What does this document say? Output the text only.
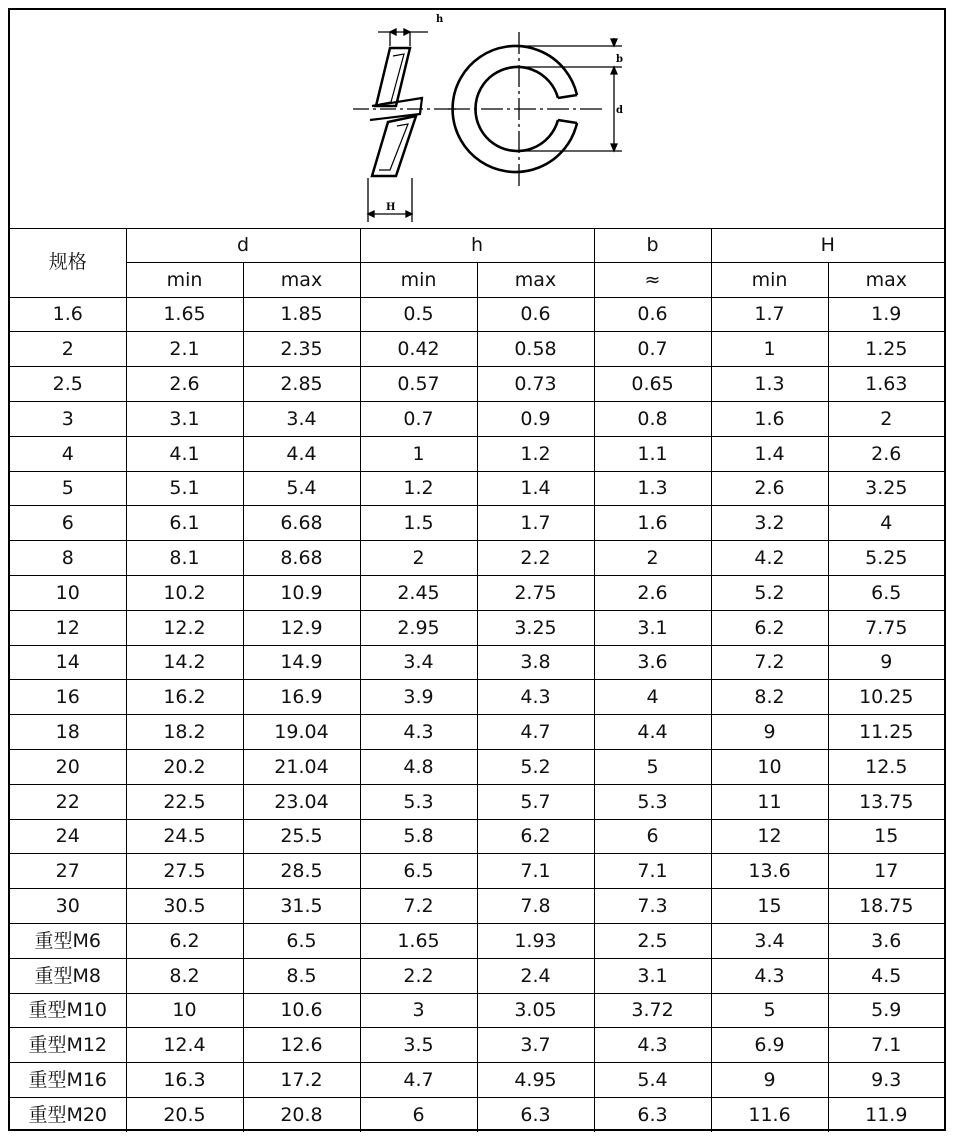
h
b
d
H
规格	d		h		b	H	
	min	max	min	max	≈	min	max
1.6	1.65	1.85	0.5	0.6	0.6	1.7	1.9
2	2.1	2.35	0.42	0.58	0.7	1	1.25
2.5	2.6	2.85	0.57	0.73	0.65	1.3	1.63
3	3.1	3.4	0.7	0.9	0.8	1.6	2
4	4.1	4.4	1	1.2	1.1	1.4	2.6
5	5.1	5.4	1.2	1.4	1.3	2.6	3.25
6	6.1	6.68	1.5	1.7	1.6	3.2	4
8	8.1	8.68	2	2.2	2	4.2	5.25
10	10.2	10.9	2.45	2.75	2.6	5.2	6.5
12	12.2	12.9	2.95	3.25	3.1	6.2	7.75
14	14.2	14.9	3.4	3.8	3.6	7.2	9
16	16.2	16.9	3.9	4.3	4	8.2	10.25
18	18.2	19.04	4.3	4.7	4.4	9	11.25
20	20.2	21.04	4.8	5.2	5	10	12.5
22	22.5	23.04	5.3	5.7	5.3	11	13.75
24	24.5	25.5	5.8	6.2	6	12	15
27	27.5	28.5	6.5	7.1	7.1	13.6	17
30	30.5	31.5	7.2	7.8	7.3	15	18.75
重型M6	6.2	6.5	1.65	1.93	2.5	3.4	3.6
重型M8	8.2	8.5	2.2	2.4	3.1	4.3	4.5
重型M10	10	10.6	3	3.05	3.72	5	5.9
重型M12	12.4	12.6	3.5	3.7	4.3	6.9	7.1
重型M16	16.3	17.2	4.7	4.95	5.4	9	9.3
重型M20	20.5	20.8	6	6.3	6.3	11.6	11.9
